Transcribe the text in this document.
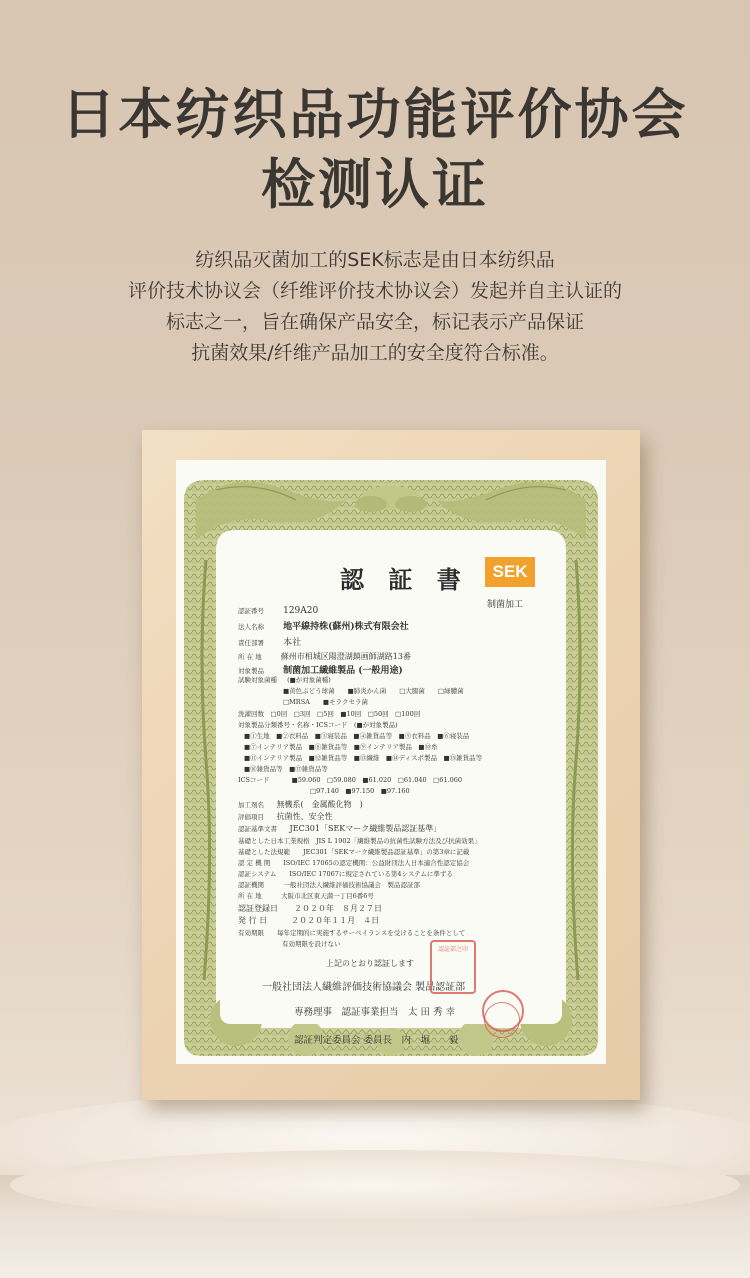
日本纺织品功能评价协会
检测认证
纺织品灭菌加工的SEK标志是由日本纺织品
评价技术协议会（纤维评价技术协议会）发起并自主认证的
标志之一，旨在确保产品安全，标记表示产品保证
抗菌效果/纤维产品加工的安全度符合标准。
認 証 書	SEK
制菌加工
認証番号 129A20
法人名称 地平線持株(蘇州)株式有限会社
責任部署 本社
所 在 地 蘇州市相城区陽澄湖鎮画師湖路13番
対象製品 制菌加工繊維製品 (一般用途)
試験対象菌種 (■が対象菌種)
■黄色ぶどう球菌　　■肺炎かん菌　　□大腸菌　　□緑膿菌
□MRSA　　■モラクセラ菌
洗濯回数　□0回　□3回　□5回　■10回　□50回　□100回
対象製品分類番号・名称・ICSコード　(■が対象製品)
■①生地　■②衣料品　■③寝装品　■④雑貨品等　■⑤衣料品　■⑥寝装品
■⑦インテリア製品　■⑧雑貨品等　■⑨インテリア製品　■⑩糸
■⑪インテリア製品　■⑫雑貨品等　■⑬繊維　■⑭ディスポ製品　■⑮雑貨品等
■⑯雑貨品等　■⑰雑貨品等
ICSコード	■59.060　□59.080　■61.020　□61.040　□61.060
□97.140　■97.150　■97.160
加工剤名 無機系(　金属酸化物　)
評価項目 抗菌性、安全性
認証基準文書 JEC301「SEKマーク繊維製品認証基準」
基礎とした日本工業規格　JIS L 1902「繊維製品の抗菌性試験方法及び抗菌効果」
基礎とした法規範　　JEC301「SEKマーク繊維製品認証基準」の第3章に記載
認 定 機 関　　ISO/IEC 17065の認定機関：公益財団法人日本適合性認定協会
認証システム　　ISO/IEC 17067に規定されている第4システムに準ずる
認証機関　　　一般社団法人繊維評価技術協議会　製品認証部
所 在 地　　　大阪市北区東天満一丁目6番6号
認証登録日　　２０２０年　８月２７日
発 行 日　　　２０２０年１１月　４日
有効期限　　毎年定期的に実施するサーベイランスを受けることを条件として
有効期限を設けない
上記のとおり認証します
一般社団法人繊維評価技術協議会 製品認証部
専務理事　認証事業担当　太 田 秀 幸
認証判定委員会 委員長　内　堀　　毅
認証部之印
